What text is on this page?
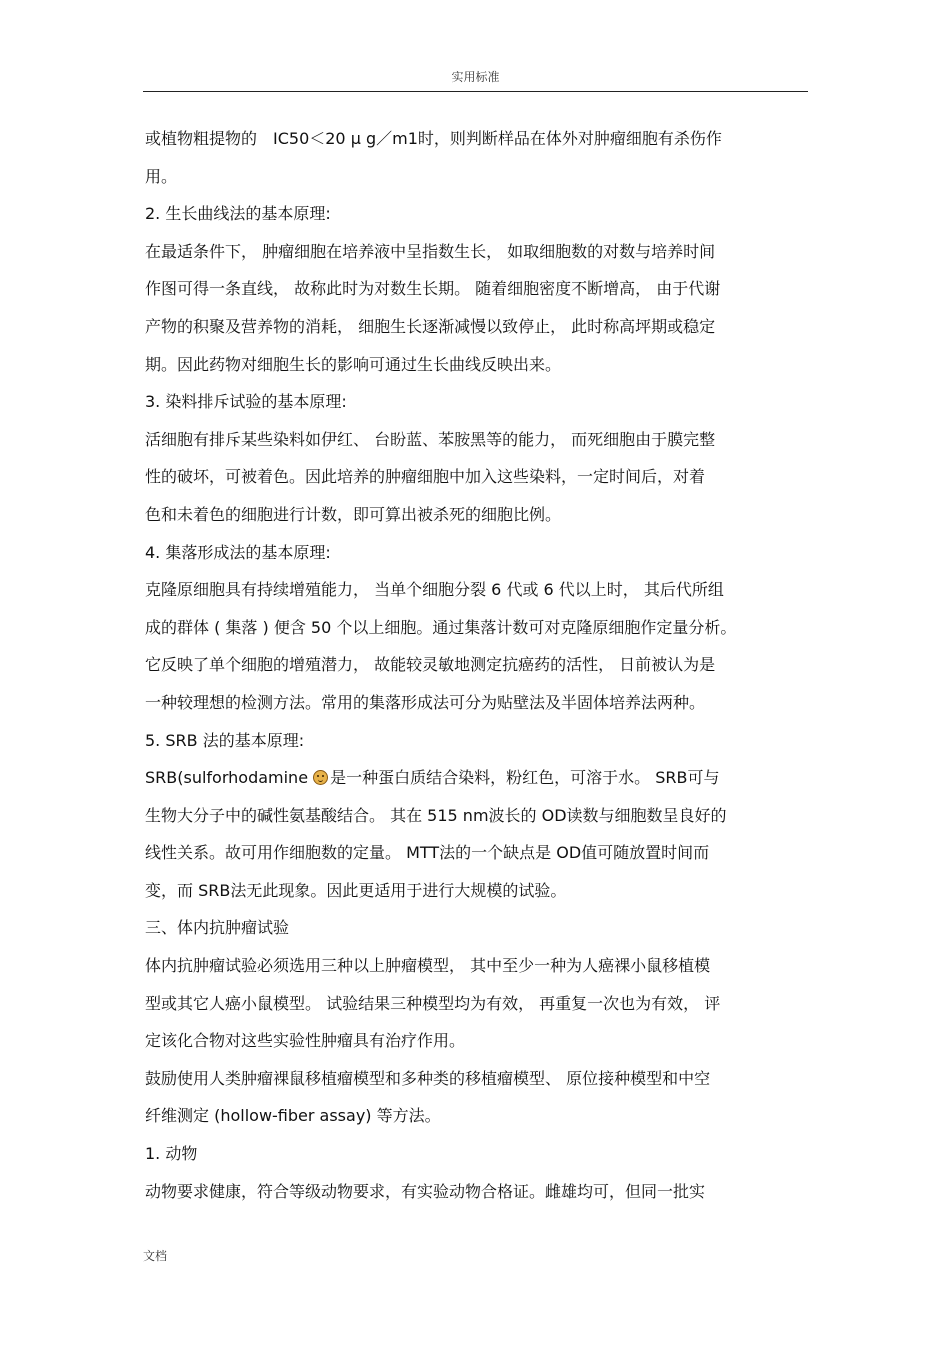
实用标准
或植物粗提物的　IC50＜20 μ g／m1时，则判断样品在体外对肿瘤细胞有杀伤作
用。
2. 生长曲线法的基本原理:
在最适条件下， 肿瘤细胞在培养液中呈指数生长， 如取细胞数的对数与培养时间
作图可得一条直线， 故称此时为对数生长期。 随着细胞密度不断增高， 由于代谢
产物的积聚及营养物的消耗， 细胞生长逐渐减慢以致停止， 此时称高坪期或稳定
期。因此药物对细胞生长的影响可通过生长曲线反映出来。
3. 染料排斥试验的基本原理:
活细胞有排斥某些染料如伊红、 台盼蓝、苯胺黑等的能力， 而死细胞由于膜完整
性的破坏，可被着色。因此培养的肿瘤细胞中加入这些染料，一定时间后，对着
色和未着色的细胞进行计数，即可算出被杀死的细胞比例。
4. 集落形成法的基本原理:
克隆原细胞具有持续增殖能力， 当单个细胞分裂 6 代或 6 代以上时， 其后代所组
成的群体 ( 集落 ) 便含 50 个以上细胞。通过集落计数可对克隆原细胞作定量分析。
它反映了单个细胞的增殖潜力， 故能较灵敏地测定抗癌药的活性， 日前被认为是
一种较理想的检测方法。常用的集落形成法可分为贴壁法及半固体培养法两种。
5. SRB 法的基本原理:
SRB(sulforhodamine 是一种蛋白质结合染料，粉红色，可溶于水。 SRB可与
生物大分子中的碱性氨基酸结合。 其在 515 nm波长的 OD读数与细胞数呈良好的
线性关系。故可用作细胞数的定量。 MTT法的一个缺点是 OD值可随放置时间而
变，而 SRB法无此现象。因此更适用于进行大规模的试验。
三、体内抗肿瘤试验
体内抗肿瘤试验必须选用三种以上肿瘤模型， 其中至少一种为人癌裸小鼠移植模
型或其它人癌小鼠模型。 试验结果三种模型均为有效， 再重复一次也为有效， 评
定该化合物对这些实验性肿瘤具有治疗作用。
鼓励使用人类肿瘤裸鼠移植瘤模型和多种类的移植瘤模型、 原位接种模型和中空
纤维测定 (hollow-fiber assay) 等方法。
1. 动物
动物要求健康，符合等级动物要求，有实验动物合格证。雌雄均可，但同一批实
文档
